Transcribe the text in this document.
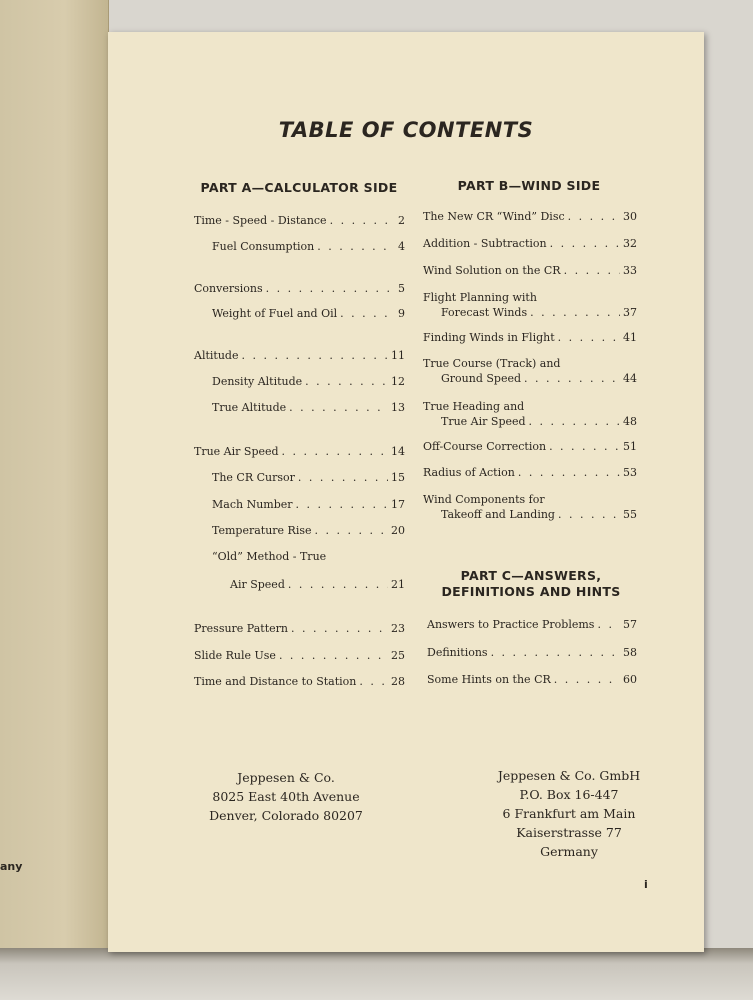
any
TABLE OF CONTENTS
PART A—CALCULATOR SIDE
Time - Speed - Distance . . .	2
Fuel Consumption . . .	4
Conversions . . .	5
Weight of Fuel and Oil . . .	9
Altitude . . .	11
Density Altitude . . .	12
True Altitude . . .	13
True Air Speed . . .	14
The CR Cursor . . .	15
Mach Number . . .	17
Temperature Rise . . .	20
“Old” Method - True
Air Speed . . .	21
Pressure Pattern . . .	23
Slide Rule Use . . .	25
Time and Distance to Station . . .	28
PART B—WIND SIDE
The New CR “Wind” Disc . . .	30
Addition - Subtraction . . .	32
Wind Solution on the CR . . .	33
Flight Planning with
Forecast Winds . . .	37
Finding Winds in Flight . . .	41
True Course (Track) and
Ground Speed . . .	44
True Heading and
True Air Speed . . .	48
Off-Course Correction . . .	51
Radius of Action . . .	53
Wind Components for
Takeoff and Landing . . .	55
PART C—ANSWERS,
DEFINITIONS AND HINTS
Answers to Practice Problems . . .	57
Definitions . . .	58
Some Hints on the CR . . .	60
Jeppesen & Co.
8025 East 40th Avenue
Denver, Colorado 80207
Jeppesen & Co. GmbH
P.O. Box 16-447
6 Frankfurt am Main
Kaiserstrasse 77
Germany
i
